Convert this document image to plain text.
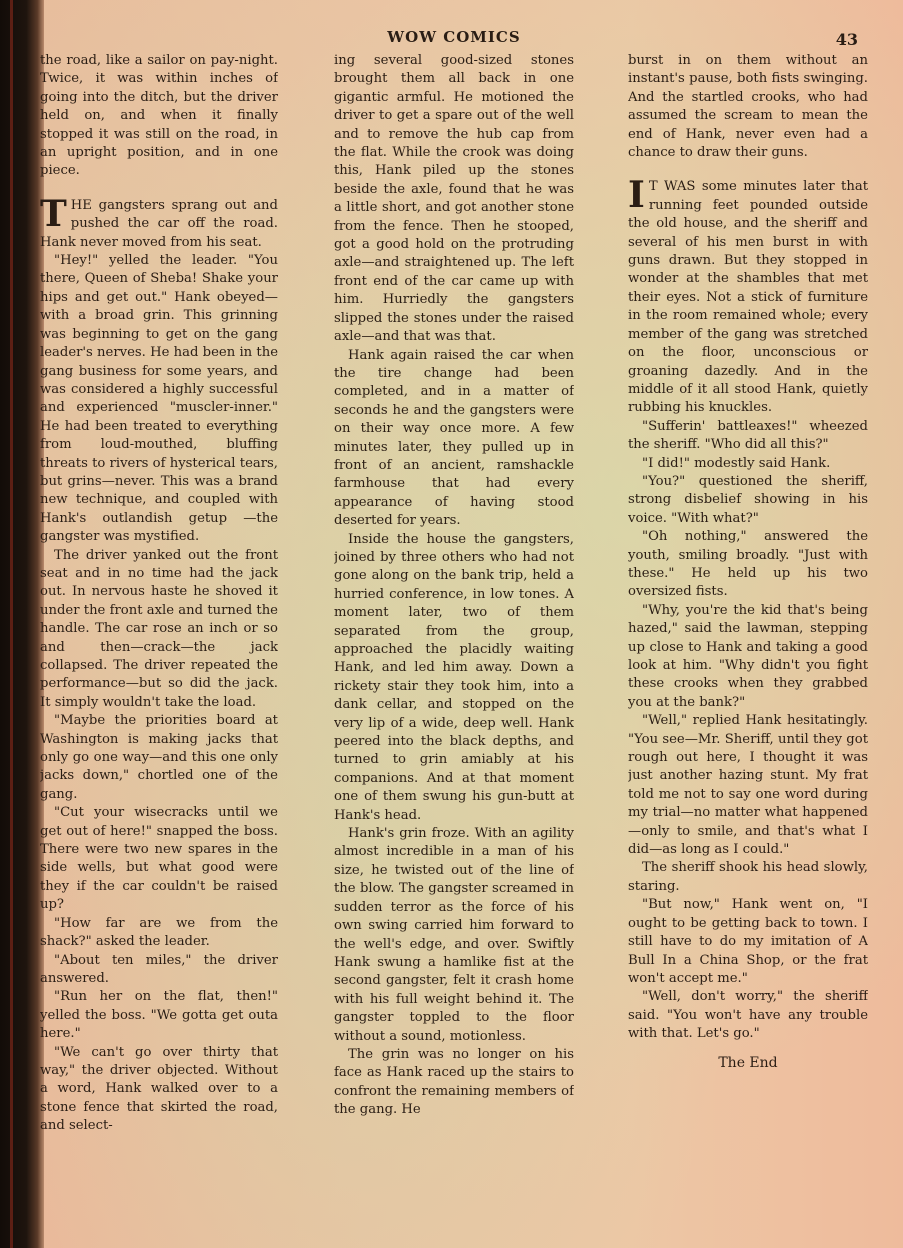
WOW COMICS	43

the road, like a sailor on pay-night. Twice, it was within inches of going into the ditch, but the driver held on, and when it finally stopped it was still on the road, in an upright position, and in one piece.

THE gangsters sprang out and pushed the car off the road. Hank never moved from his seat.

"Hey!" yelled the leader. "You there, Queen of Sheba! Shake your hips and get out." Hank obeyed—with a broad grin. This grinning was beginning to get on the gang leader's nerves. He had been in the gang business for some years, and was considered a highly successful and experienced "muscler-inner." He had been treated to everything from loud-mouthed, bluffing threats to rivers of hysterical tears, but grins—never. This was a brand new technique, and coupled with Hank's outlandish getup —the gangster was mystified.

The driver yanked out the front seat and in no time had the jack out. In nervous haste he shoved it under the front axle and turned the handle. The car rose an inch or so and then—crack—the jack collapsed. The driver repeated the performance—but so did the jack. It simply wouldn't take the load.

"Maybe the priorities board at Washington is making jacks that only go one way—and this one only jacks down," chortled one of the gang.

"Cut your wisecracks until we get out of here!" snapped the boss. There were two new spares in the side wells, but what good were they if the car couldn't be raised up?

"How far are we from the shack?" asked the leader.

"About ten miles," the driver answered.

"Run her on the flat, then!" yelled the boss. "We gotta get outa here."

"We can't go over thirty that way," the driver objected. Without a word, Hank walked over to a stone fence that skirted the road, and select-

ing several good-sized stones brought them all back in one gigantic armful. He motioned the driver to get a spare out of the well and to remove the hub cap from the flat. While the crook was doing this, Hank piled up the stones beside the axle, found that he was a little short, and got another stone from the fence. Then he stooped, got a good hold on the protruding axle—and straightened up. The left front end of the car came up with him. Hurriedly the gangsters slipped the stones under the raised axle—and that was that.

Hank again raised the car when the tire change had been completed, and in a matter of seconds he and the gangsters were on their way once more. A few minutes later, they pulled up in front of an ancient, ramshackle farmhouse that had every appearance of having stood deserted for years.

Inside the house the gangsters, joined by three others who had not gone along on the bank trip, held a hurried conference, in low tones. A moment later, two of them separated from the group, approached the placidly waiting Hank, and led him away. Down a rickety stair they took him, into a dank cellar, and stopped on the very lip of a wide, deep well. Hank peered into the black depths, and turned to grin amiably at his companions. And at that moment one of them swung his gun-butt at Hank's head.

Hank's grin froze. With an agility almost incredible in a man of his size, he twisted out of the line of the blow. The gangster screamed in sudden terror as the force of his own swing carried him forward to the well's edge, and over. Swiftly Hank swung a hamlike fist at the second gangster, felt it crash home with his full weight behind it. The gangster toppled to the floor without a sound, motionless.

The grin was no longer on his face as Hank raced up the stairs to confront the remaining members of the gang. He

burst in on them without an instant's pause, both fists swinging. And the startled crooks, who had assumed the scream to mean the end of Hank, never even had a chance to draw their guns.

I T WAS some minutes later that running feet pounded outside the old house, and the sheriff and several of his men burst in with guns drawn. But they stopped in wonder at the shambles that met their eyes. Not a stick of furniture in the room remained whole; every member of the gang was stretched on the floor, unconscious or groaning dazedly. And in the middle of it all stood Hank, quietly rubbing his knuckles.

"Sufferin' battleaxes!" wheezed the sheriff. "Who did all this?"

"I did!" modestly said Hank.

"You?" questioned the sheriff, strong disbelief showing in his voice. "With what?"

"Oh nothing," answered the youth, smiling broadly. "Just with these." He held up his two oversized fists.

"Why, you're the kid that's being hazed," said the lawman, stepping up close to Hank and taking a good look at him. "Why didn't you fight these crooks when they grabbed you at the bank?"

"Well," replied Hank hesitatingly. "You see—Mr. Sheriff, until they got rough out here, I thought it was just another hazing stunt. My frat told me not to say one word during my trial—no matter what happened—only to smile, and that's what I did—as long as I could."

The sheriff shook his head slowly, staring.

"But now," Hank went on, "I ought to be getting back to town. I still have to do my imitation of A Bull In a China Shop, or the frat won't accept me."

"Well, don't worry," the sheriff said. "You won't have any trouble with that. Let's go."

The End
